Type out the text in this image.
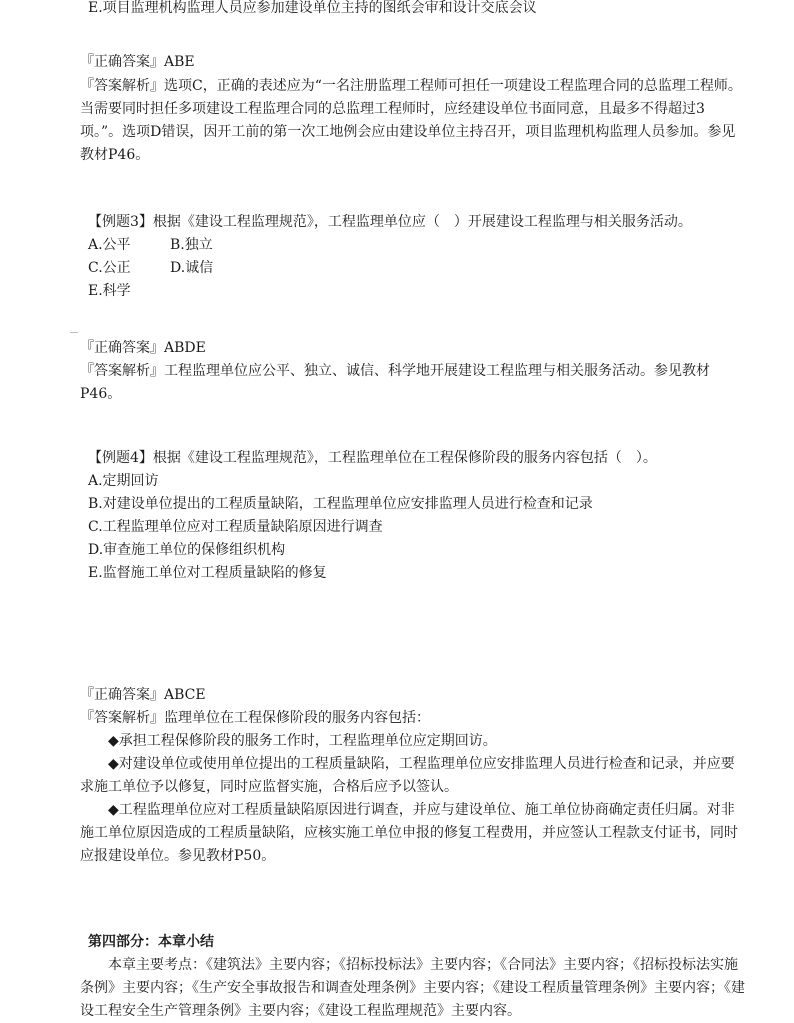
E.项目监理机构监理人员应参加建设单位主持的图纸会审和设计交底会议
『正确答案』ABE
『答案解析』选项C，正确的表述应为“一名注册监理工程师可担任一项建设工程监理合同的总监理工程师。当需要同时担任多项建设工程监理合同的总监理工程师时，应经建设单位书面同意，且最多不得超过3项。”。选项D错误，因开工前的第一次工地例会应由建设单位主持召开，项目监理机构监理人员参加。参见教材P46。
【例题3】根据《建设工程监理规范》，工程监理单位应（　）开展建设工程监理与相关服务活动。
A.公平	B.独立
C.公正	D.诚信
E.科学
『正确答案』ABDE
『答案解析』工程监理单位应公平、独立、诚信、科学地开展建设工程监理与相关服务活动。参见教材P46。
【例题4】根据《建设工程监理规范》，工程监理单位在工程保修阶段的服务内容包括（　）。
A.定期回访
B.对建设单位提出的工程质量缺陷，工程监理单位应安排监理人员进行检查和记录
C.工程监理单位应对工程质量缺陷原因进行调查
D.审查施工单位的保修组织机构
E.监督施工单位对工程质量缺陷的修复
『正确答案』ABCE
『答案解析』监理单位在工程保修阶段的服务内容包括：
◆承担工程保修阶段的服务工作时，工程监理单位应定期回访。
◆对建设单位或使用单位提出的工程质量缺陷，工程监理单位应安排监理人员进行检查和记录，并应要求施工单位予以修复，同时应监督实施，合格后应予以签认。
◆工程监理单位应对工程质量缺陷原因进行调查，并应与建设单位、施工单位协商确定责任归属。对非施工单位原因造成的工程质量缺陷，应核实施工单位申报的修复工程费用，并应签认工程款支付证书，同时应报建设单位。参见教材P50。
第四部分：本章小结
本章主要考点：《建筑法》主要内容；《招标投标法》主要内容；《合同法》主要内容；《招标投标法实施条例》主要内容；《生产安全事故报告和调查处理条例》主要内容；《建设工程质量管理条例》主要内容；《建设工程安全生产管理条例》主要内容；《建设工程监理规范》主要内容。
